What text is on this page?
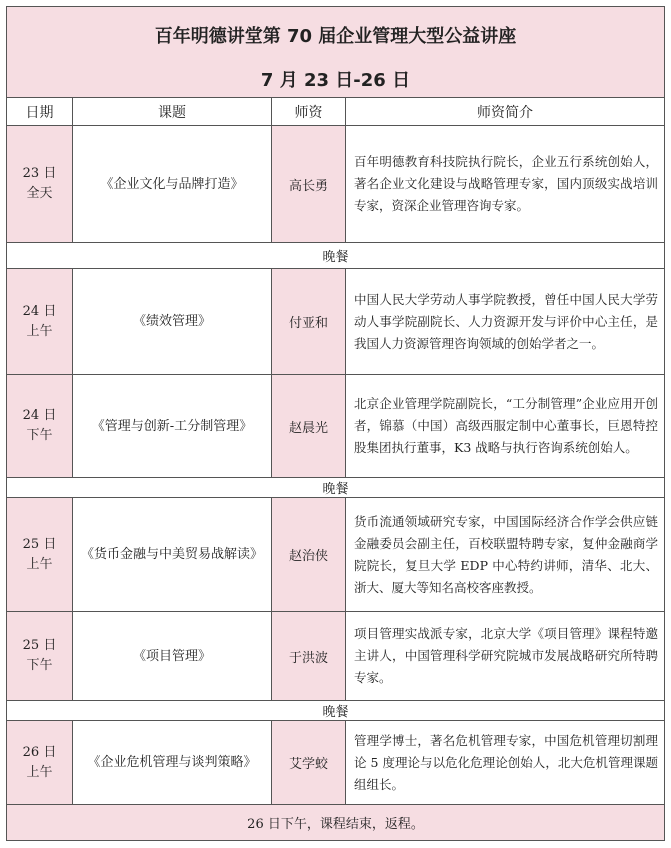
百年明德讲堂第 70 届企业管理大型公益讲座
7 月 23 日-26 日			

日期	课题	师资	师资简介

23 日
全天	《企业文化与品牌打造》	高长勇	百年明德教育科技院执行院长，企业五行系统创始人，著名企业文化建设与战略管理专家，国内顶级实战培训专家，资深企业管理咨询专家。
晚餐			

24 日
上午	《绩效管理》	付亚和	中国人民大学劳动人事学院教授，曾任中国人民大学劳动人事学院副院长、人力资源开发与评价中心主任，是我国人力资源管理咨询领域的创始学者之一。

24 日
下午	《管理与创新-工分制管理》	赵晨光	北京企业管理学院副院长，“工分制管理”企业应用开创者，锦慕（中国）高级西服定制中心董事长，巨恩特控股集团执行董事，K3 战略与执行咨询系统创始人。
晚餐			

25 日
上午	《货币金融与中美贸易战解读》	赵治侠	货币流通领域研究专家，中国国际经济合作学会供应链金融委员会副主任，百校联盟特聘专家，复仲金融商学院院长，复旦大学 EDP 中心特约讲师，清华、北大、浙大、厦大等知名高校客座教授。

25 日
下午	《项目管理》	于洪波	项目管理实战派专家，北京大学《项目管理》课程特邀主讲人，中国管理科学研究院城市发展战略研究所特聘专家。
晚餐			

26 日
上午	《企业危机管理与谈判策略》	艾学蛟	管理学博士，著名危机管理专家，中国危机管理切割理论 5 度理论与以危化危理论创始人，北大危机管理课题组组长。
26 日下午，课程结束，返程。			
